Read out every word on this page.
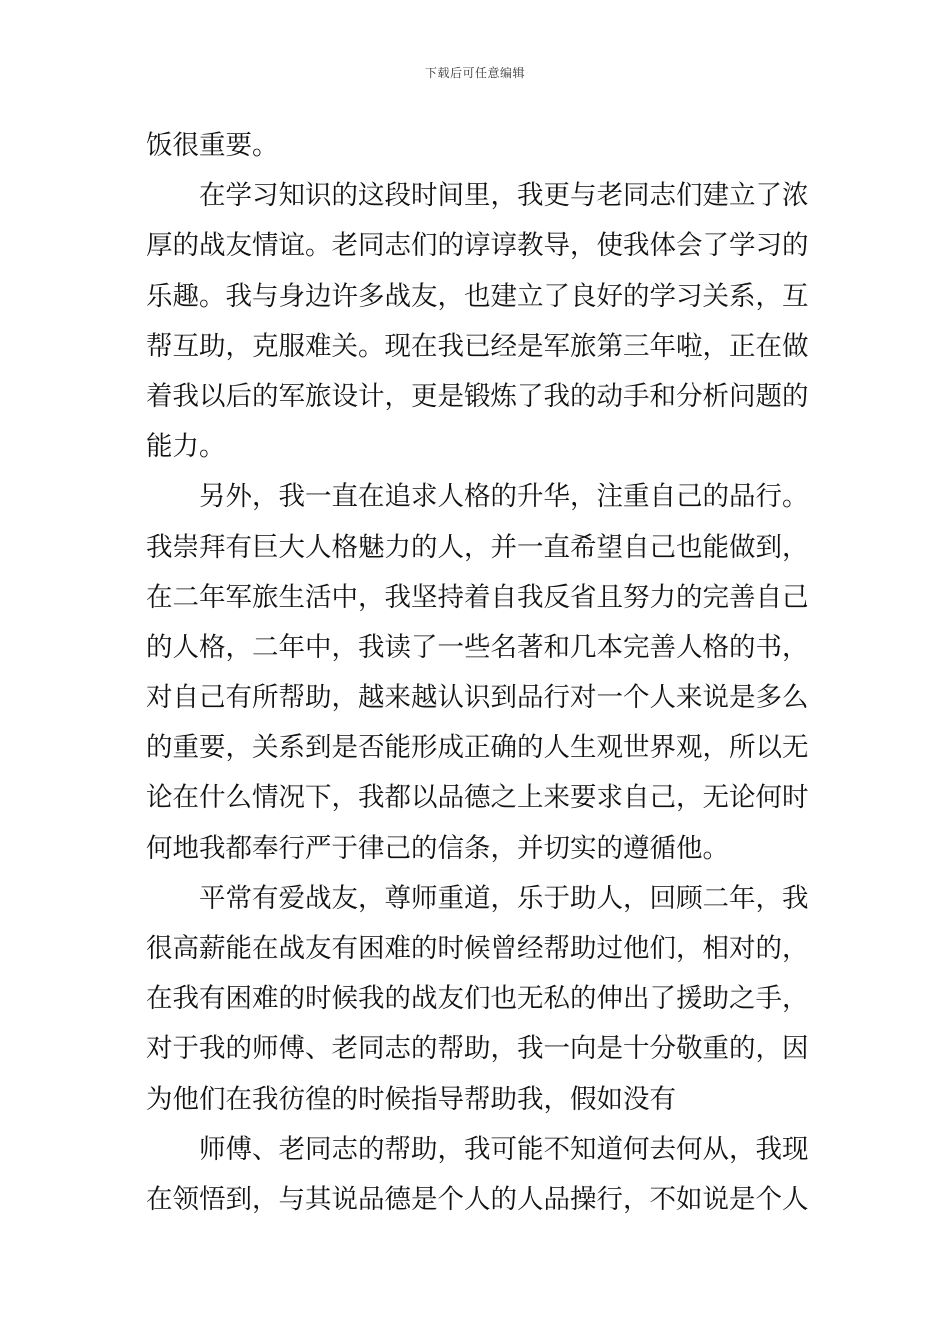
下载后可任意编辑
饭很重要。
在学习知识的这段时间里，我更与老同志们建立了浓
厚的战友情谊。老同志们的谆谆教导，使我体会了学习的
乐趣。我与身边许多战友，也建立了良好的学习关系，互
帮互助，克服难关。现在我已经是军旅第三年啦，正在做
着我以后的军旅设计，更是锻炼了我的动手和分析问题的
能力。
另外，我一直在追求人格的升华，注重自己的品行。
我崇拜有巨大人格魅力的人，并一直希望自己也能做到，
在二年军旅生活中，我坚持着自我反省且努力的完善自己
的人格，二年中，我读了一些名著和几本完善人格的书，
对自己有所帮助，越来越认识到品行对一个人来说是多么
的重要，关系到是否能形成正确的人生观世界观，所以无
论在什么情况下，我都以品德之上来要求自己，无论何时
何地我都奉行严于律己的信条，并切实的遵循他。
平常有爱战友，尊师重道，乐于助人，回顾二年，我
很高薪能在战友有困难的时候曾经帮助过他们，相对的，
在我有困难的时候我的战友们也无私的伸出了援助之手，
对于我的师傅、老同志的帮助，我一向是十分敬重的，因
为他们在我彷徨的时候指导帮助我，假如没有
师傅、老同志的帮助，我可能不知道何去何从，我现
在领悟到，与其说品德是个人的人品操行，不如说是个人
